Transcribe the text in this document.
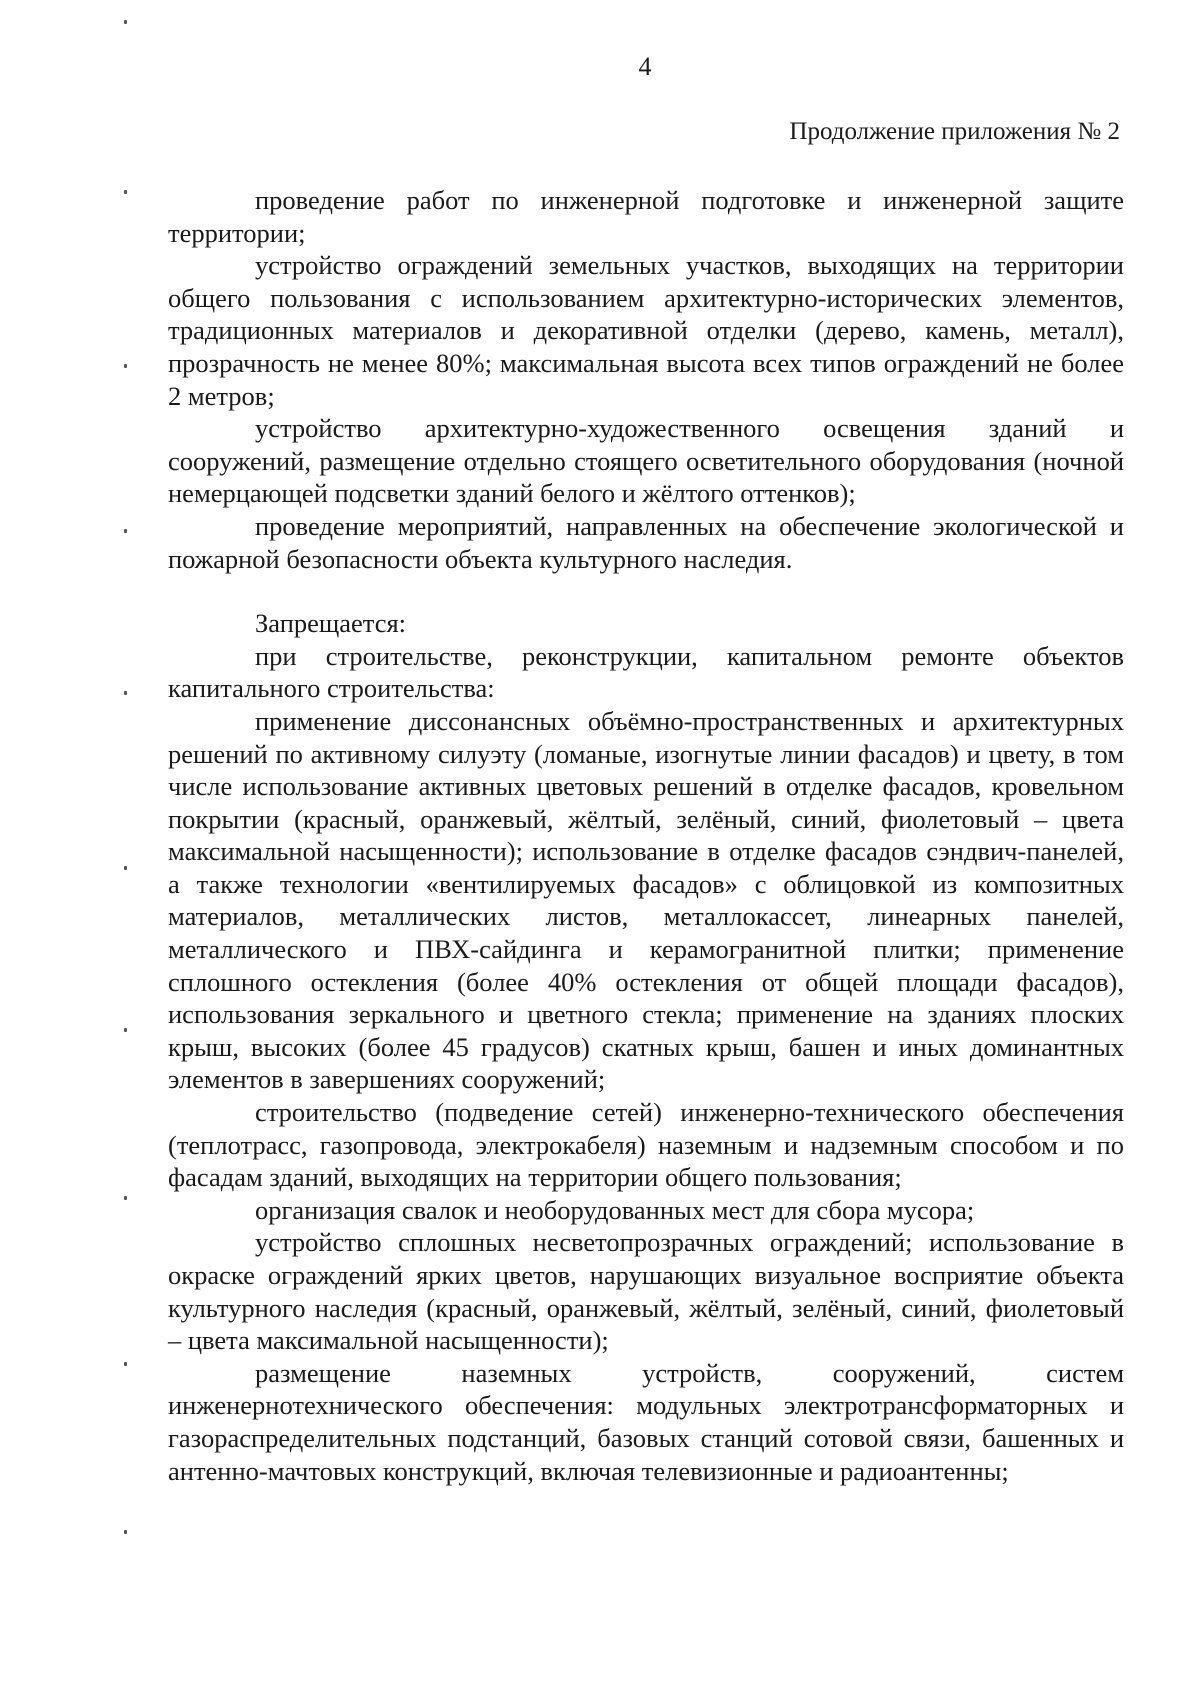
4

Продолжение приложения № 2

проведение работ по инженерной подготовке и инженерной защите территории;

устройство ограждений земельных участков, выходящих на территории общего пользования с использованием архитектурно-исторических элементов, традиционных материалов и декоративной отделки (дерево, камень, металл), прозрачность не менее 80%; максимальная высота всех типов ограждений не более 2 метров;

устройство архитектурно-художественного освещения зданий и сооружений, размещение отдельно стоящего осветительного оборудования (ночной немерцающей подсветки зданий белого и жёлтого оттенков);

проведение мероприятий, направленных на обеспечение экологической и пожарной безопасности объекта культурного наследия.

Запрещается:

при строительстве, реконструкции, капитальном ремонте объектов капитального строительства:

применение диссонансных объёмно-пространственных и архитектурных решений по активному силуэту (ломаные, изогнутые линии фасадов) и цвету, в том числе использование активных цветовых решений в отделке фасадов, кровельном покрытии (красный, оранжевый, жёлтый, зелёный, синий, фиолетовый – цвета максимальной насыщенности); использование в отделке фасадов сэндвич-панелей, а также технологии «вентилируемых фасадов» с облицовкой из композитных материалов, металлических листов, металлокассет, линеарных панелей, металлического и ПВХ-сайдинга и керамогранитной плитки; применение сплошного остекления (более 40% остекления от общей площади фасадов), использования зеркального и цветного стекла; применение на зданиях плоских крыш, высоких (более 45 градусов) скатных крыш, башен и иных доминантных элементов в завершениях сооружений;

строительство (подведение сетей) инженерно-технического обеспечения (теплотрасс, газопровода, электрокабеля) наземным и надземным способом и по фасадам зданий, выходящих на территории общего пользования;

организация свалок и необорудованных мест для сбора мусора;

устройство сплошных несветопрозрачных ограждений; использование в окраске ограждений ярких цветов, нарушающих визуальное восприятие объекта культурного наследия (красный, оранжевый, жёлтый, зелёный, синий, фиолетовый – цвета максимальной насыщенности);

размещение наземных устройств, сооружений, систем инженернотехнического обеспечения: модульных электротрансформаторных и газораспределительных подстанций, базовых станций сотовой связи, башенных и антенно-мачтовых конструкций, включая телевизионные и радиоантенны;
